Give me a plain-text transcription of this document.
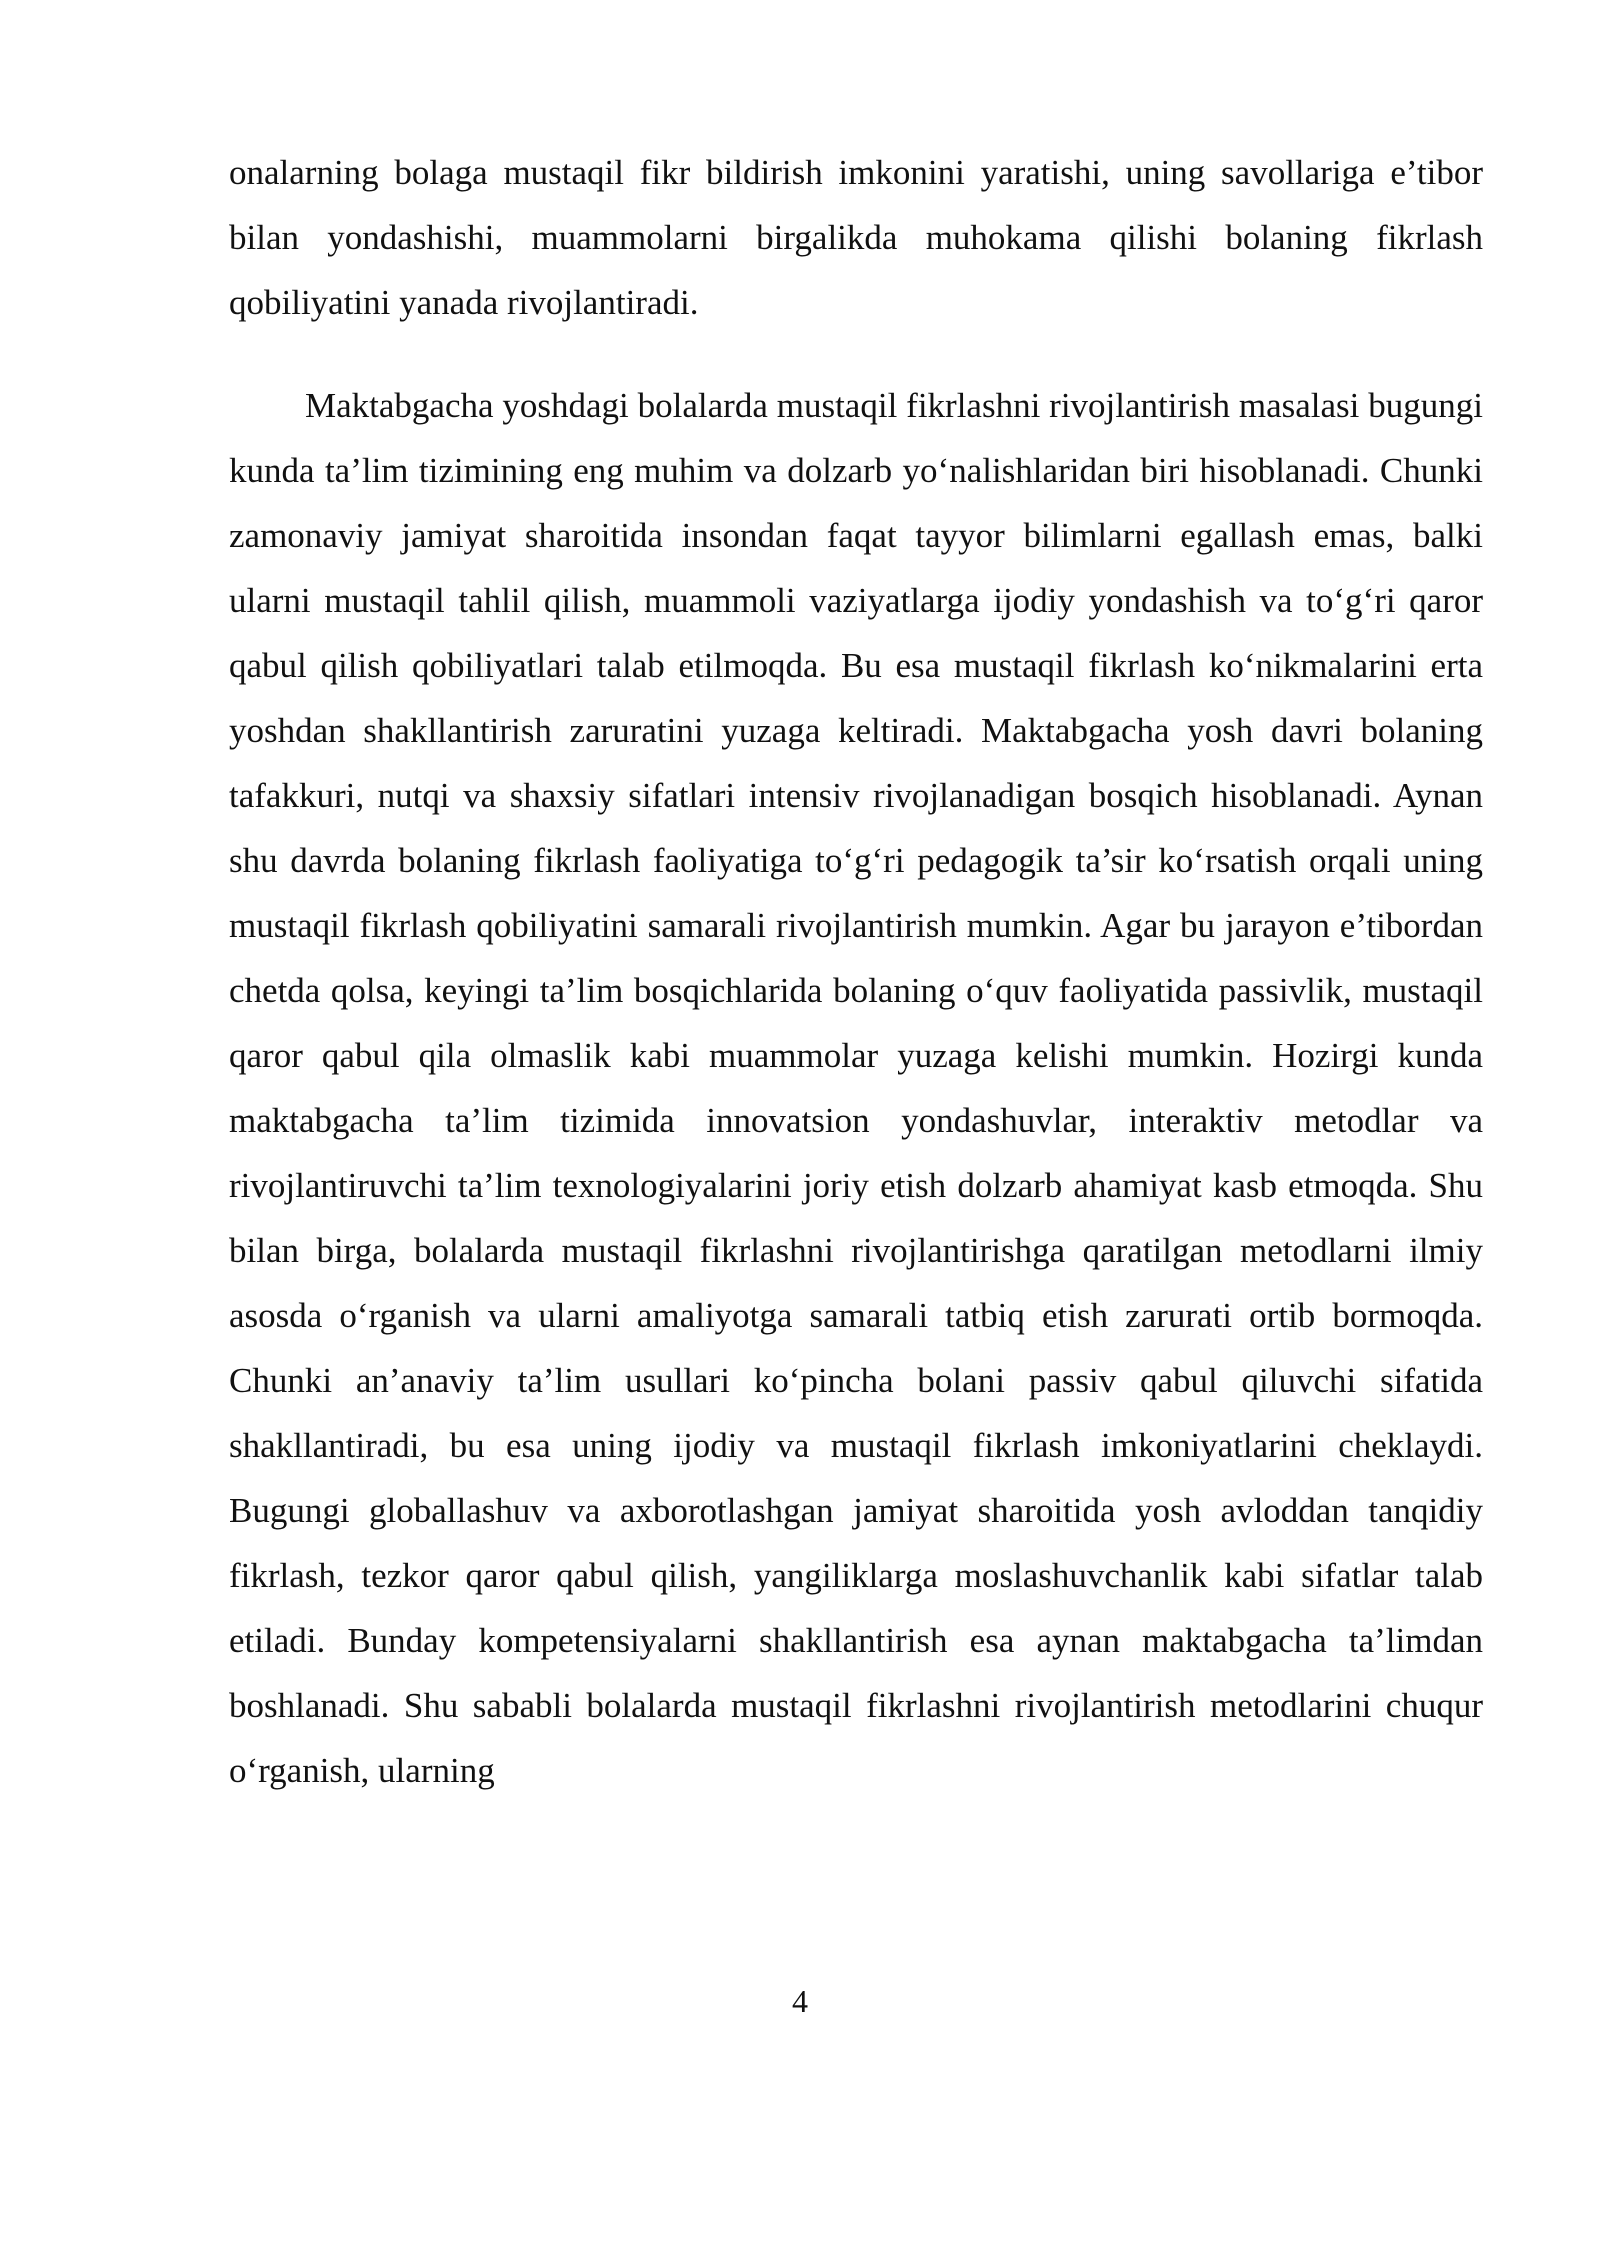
onalarning bolaga mustaqil fikr bildirish imkonini yaratishi, uning savollariga e’tibor bilan yondashishi, muammolarni birgalikda muhokama qilishi bolaning fikrlash qobiliyatini yanada rivojlantiradi.

Maktabgacha yoshdagi bolalarda mustaqil fikrlashni rivojlantirish masalasi bugungi kunda ta’lim tizimining eng muhim va dolzarb yo‘nalishlaridan biri hisoblanadi. Chunki zamonaviy jamiyat sharoitida insondan faqat tayyor bilimlarni egallash emas, balki ularni mustaqil tahlil qilish, muammoli vaziyatlarga ijodiy yondashish va to‘g‘ri qaror qabul qilish qobiliyatlari talab etilmoqda. Bu esa mustaqil fikrlash ko‘nikmalarini erta yoshdan shakllantirish zaruratini yuzaga keltiradi. Maktabgacha yosh davri bolaning tafakkuri, nutqi va shaxsiy sifatlari intensiv rivojlanadigan bosqich hisoblanadi. Aynan shu davrda bolaning fikrlash faoliyatiga to‘g‘ri pedagogik ta’sir ko‘rsatish orqali uning mustaqil fikrlash qobiliyatini samarali rivojlantirish mumkin. Agar bu jarayon e’tibordan chetda qolsa, keyingi ta’lim bosqichlarida bolaning o‘quv faoliyatida passivlik, mustaqil qaror qabul qila olmaslik kabi muammolar yuzaga kelishi mumkin. Hozirgi kunda maktabgacha ta’lim tizimida innovatsion yondashuvlar, interaktiv metodlar va rivojlantiruvchi ta’lim texnologiyalarini joriy etish dolzarb ahamiyat kasb etmoqda. Shu bilan birga, bolalarda mustaqil fikrlashni rivojlantirishga qaratilgan metodlarni ilmiy asosda o‘rganish va ularni amaliyotga samarali tatbiq etish zarurati ortib bormoqda. Chunki an’anaviy ta’lim usullari ko‘pincha bolani passiv qabul qiluvchi sifatida shakllantiradi, bu esa uning ijodiy va mustaqil fikrlash imkoniyatlarini cheklaydi. Bugungi globallashuv va axborotlashgan jamiyat sharoitida yosh avloddan tanqidiy fikrlash, tezkor qaror qabul qilish, yangiliklarga moslashuvchanlik kabi sifatlar talab etiladi. Bunday kompetensiyalarni shakllantirish esa aynan maktabgacha ta’limdan boshlanadi. Shu sababli bolalarda mustaqil fikrlashni rivojlantirish metodlarini chuqur o‘rganish, ularning

4
